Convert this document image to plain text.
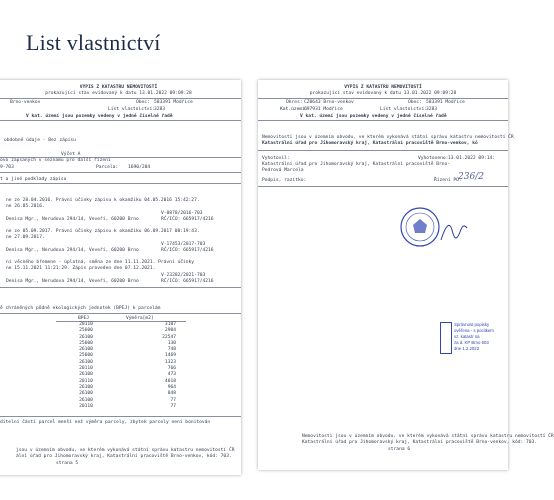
List vlastnictví
VÝPIS Z KATASTRU NEMOVITOSTÍ
prokazující stav evidovaný k datu 13.01.2022 09:09:28
Brno-venkov	Obec: 583391 Modřice
List vlastnictví:
3283
V kat. území jsou pozemky vedeny v jedné číselné řadě
obdobné údaje - Bez zápisu
Výčet A
ovo zapsaných v seznamu pro další řízení
9-703	Parcela: 1690/204
t a jiné podklady zápisu
ne ze 28.04.2016. Právní účinky zápisu k okamžiku 04.05.2016 15:42:27.
ne 26.05.2016.
V-8878/2016-703
Denisa Mgr., Nerudova 294/14, Veveří, 60200 Brno	RČ/IČO: 665917/4216
ne ze 05.09.2017. Právní účinky zápisu k okamžiku 06.09.2017 08:19:43.
ne 27.09.2017.
V-17453/2017-703
Denisa Mgr., Nerudova 294/14, Veveří, 60200 Brno	RČ/IČO: 665917/4216
ní věcného břemene - úplatná, směna ze dne 11.11.2021. Právní účinky
ne 15.11.2021 11:21:29. Zápis proveden dne 07.12.2021.
V-23282/2021-703
Denisa Mgr., Nerudova 294/14, Veveří, 60200 Brno	RČ/IČO: 665917/4216
ě chráněných půdně ekologických jednotek (BPEJ) k parcelám
BPEJ	Výměra[m2]
20110	3107
25600	2904
26100	22547
25600	130
26100	748
25600	1469
26100	1323
20110	766
26100	473
20110	4018
26100	964
26100	848
26100	77
20110	77
ditelní části parcel menší než výměra parcely, zbytek parcely není bonitován
jsou v územním obvodu, ve kterém vykonává státní správu katastru nemovitostí ČR
ální úřad pro Jihomoravský kraj, Katastrální pracoviště Brno-venkov, kód: 703.
strana 5
VÝPIS Z KATASTRU NEMOVITOSTÍ
prokazující stav evidovaný k datu 13.01.2022 09:09:28
Okres: CZ0643 Brno-venkov	Obec: 583391 Modřice
Kat.území:
697931 Modřice	List vlastnictví:
3283
V kat. území jsou pozemky vedeny v jedné číselné řadě
Nemovitosti jsou v územním obvodu, ve kterém vykonává státní správu katastru nemovitostí ČR
Katastrální úřad pro Jihomoravský kraj, Katastrální pracoviště Brno-venkov, kó
Vyhotovil:	Vyhotoveno: 13.01.2022 09:14:
Katastrální úřad pro Jihomoravský kraj, Katastrální pracoviště Brno-
Pedrová Marcela
Podpis, razítko:	Řízení PO:
236/2
Správnost popisky
ověřena - s pocitkem
vz. katastr na
za d. KP Brno 603
dne 1.2.2022
Nemovitosti jsou v územním obvodu, ve kterém vykonává státní správu katastru nemovitostí ČR
Katastrální úřad pro Jihomoravský kraj, Katastrální pracoviště Brno-venkov, kód: 703.
strana 6
